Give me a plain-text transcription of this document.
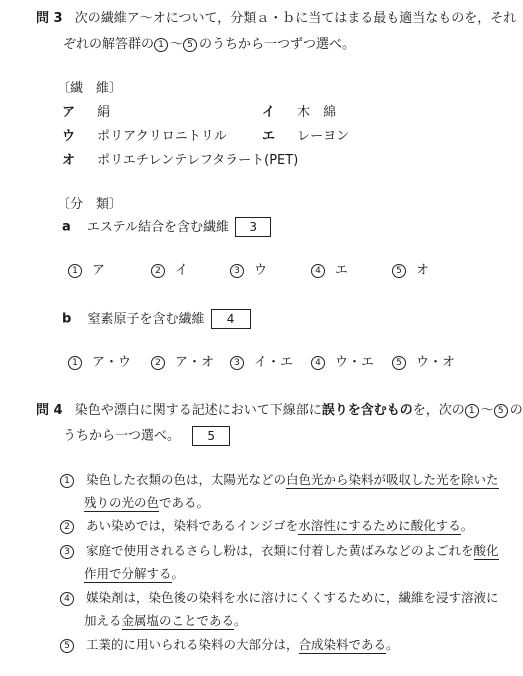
問 3 次の繊維ア～オについて，分類ａ・ｂに当てはまる最も適当なものを，それ
ぞれの解答群の 1 ～ 5 のうちから一つずつ選べ。
〔繊　維〕
ア 絹	イ 木　綿
ウ ポリアクリロニトリル	エ レーヨン
オ ポリエチレンテレフタラート(PET)
〔分　類〕
a エステル結合を含む繊維 3
1 ア	2 イ	3 ウ	4 エ	5 オ
b 窒素原子を含む繊維 4
1 ア・ウ	2 ア・オ	3 イ・エ	4 ウ・エ	5 ウ・オ
問 4 染色や漂白に関する記述において下線部に誤りを含むものを，次の 1 ～ 5 の
うちから一つ選べ。 5
1 染色した衣類の色は，太陽光などの白色光から染料が吸収した光を除いた
残りの光の色である。
2 あい染めでは，染料であるインジゴを水溶性にするために酸化する。
3 家庭で使用されるさらし粉は，衣類に付着した黄ばみなどのよごれを酸化
作用で分解する。
4 媒染剤は，染色後の染料を水に溶けにくくするために，繊維を浸す溶液に
加える金属塩のことである。
5 工業的に用いられる染料の大部分は，合成染料である。
